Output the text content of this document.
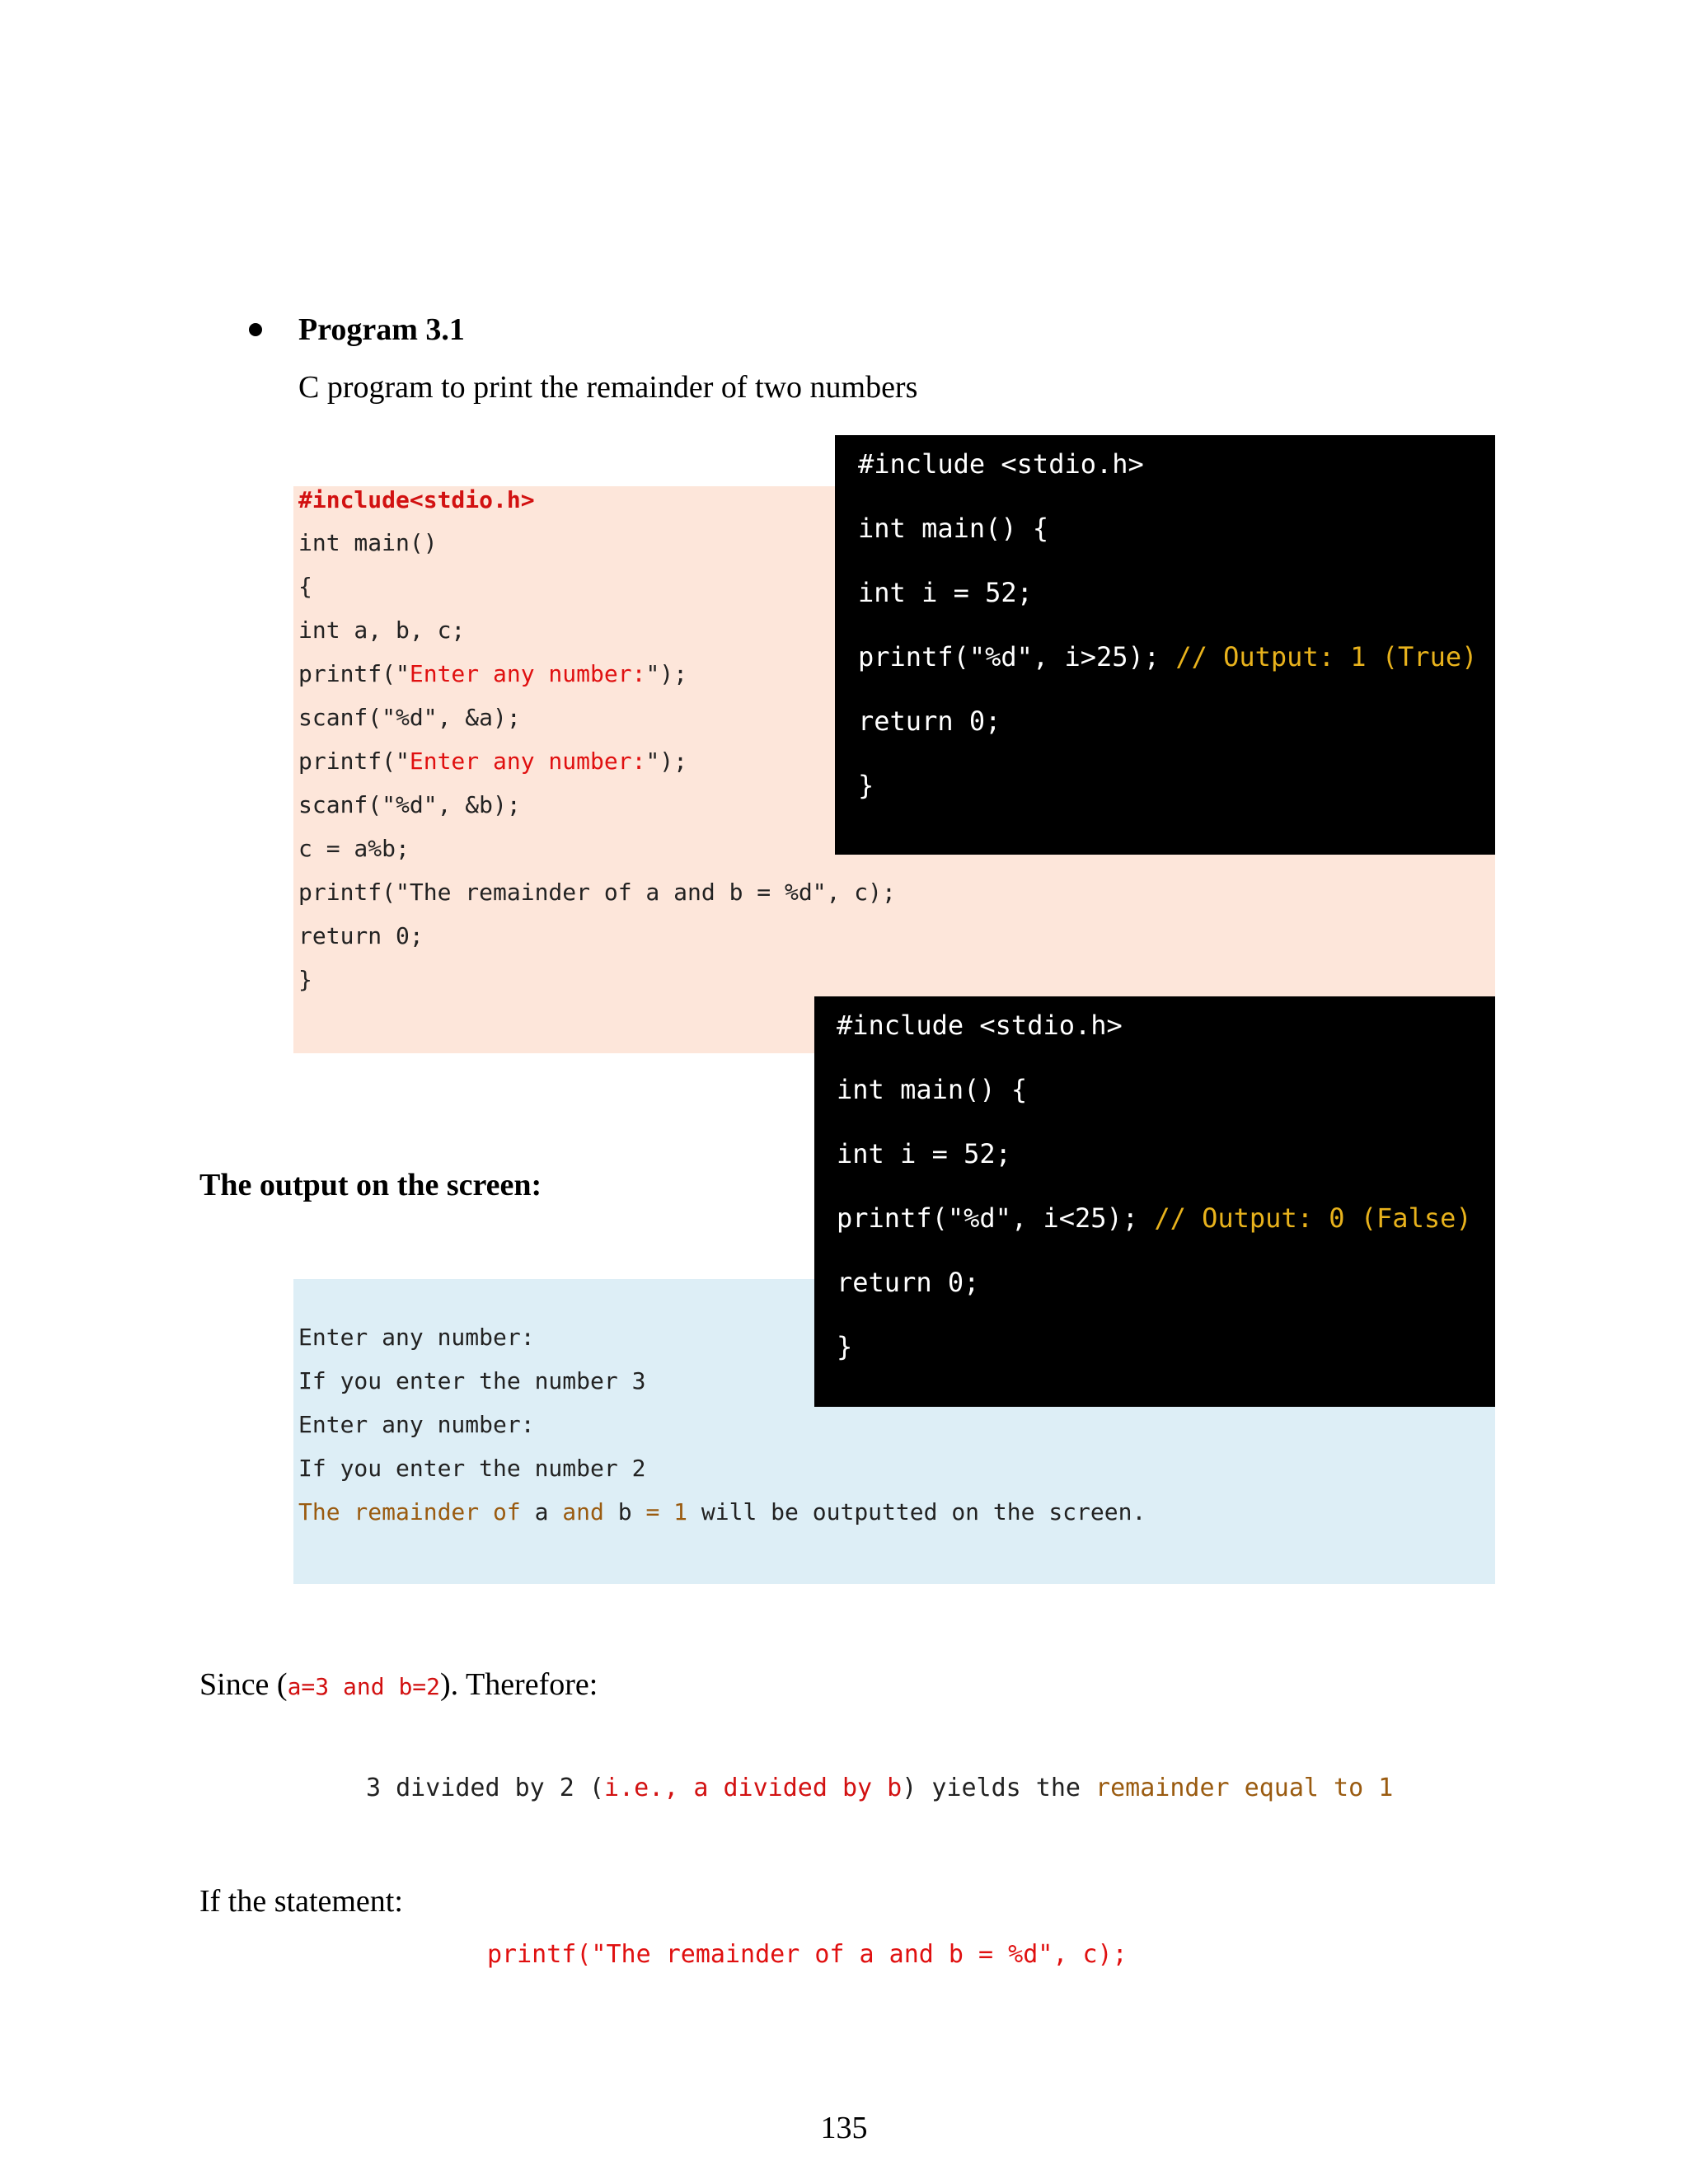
Program 3.1
C program to print the remainder of two numbers
#include<stdio.h>
int main()
{
int a, b, c;
printf("Enter any number:");
scanf("%d", &a);
printf("Enter any number:");
scanf("%d", &b);
c = a%b;
printf("The remainder of a and b = %d", c);
return 0;
}
#include <stdio.h>
int main() {
int i = 52;
printf("%d", i>25); // Output: 1 (True)
return 0;
}
The output on the screen:
Enter any number:
If you enter the number 3
Enter any number:
If you enter the number 2
The remainder of a and b = 1 will be outputted on the screen.
#include <stdio.h>
int main() {
int i = 52;
printf("%d", i<25); // Output: 0 (False)
return 0;
}
Since (a=3 and b=2). Therefore:
3 divided by 2 (i.e., a divided by b) yields the remainder equal to 1
If the statement:
printf("The remainder of a and b = %d", c);
135
